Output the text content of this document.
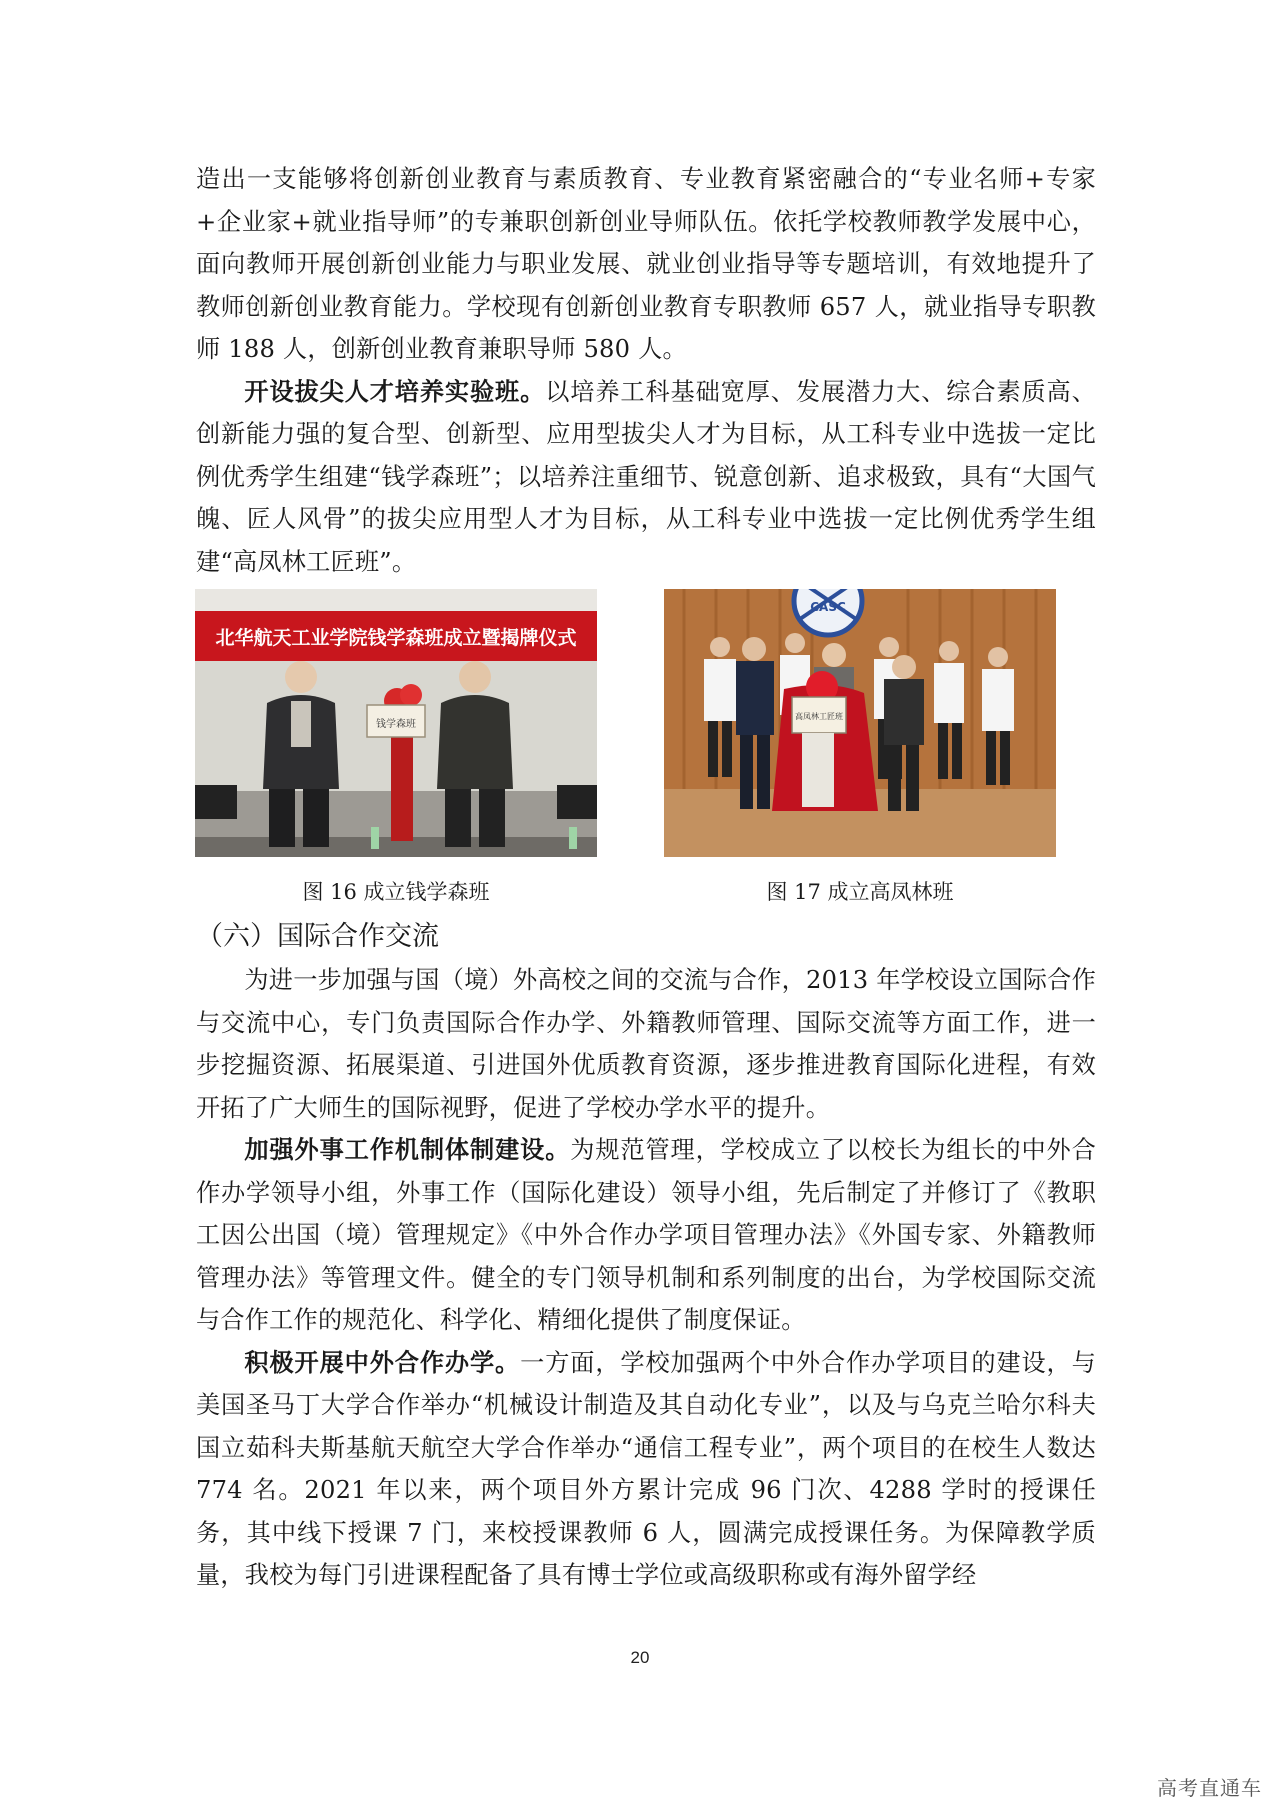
造出一支能够将创新创业教育与素质教育、专业教育紧密融合的“专业名师+专家+企业家+就业指导师”的专兼职创新创业导师队伍。依托学校教师教学发展中心，面向教师开展创新创业能力与职业发展、就业创业指导等专题培训，有效地提升了教师创新创业教育能力。学校现有创新创业教育专职教师 657 人，就业指导专职教师 188 人，创新创业教育兼职导师 580 人。

开设拔尖人才培养实验班。以培养工科基础宽厚、发展潜力大、综合素质高、创新能力强的复合型、创新型、应用型拔尖人才为目标，从工科专业中选拔一定比例优秀学生组建“钱学森班”；以培养注重细节、锐意创新、追求极致，具有“大国气魄、匠人风骨”的拔尖应用型人才为目标，从工科专业中选拔一定比例优秀学生组建“高凤林工匠班”。

北华航天工业学院钱学森班成立暨揭牌仪式
钱学森班
图 16 成立钱学森班
CASC
高凤林工匠班
图 17 成立高凤林班
（六）国际合作交流

为进一步加强与国（境）外高校之间的交流与合作，2013 年学校设立国际合作与交流中心，专门负责国际合作办学、外籍教师管理、国际交流等方面工作，进一步挖掘资源、拓展渠道、引进国外优质教育资源，逐步推进教育国际化进程，有效开拓了广大师生的国际视野，促进了学校办学水平的提升。

加强外事工作机制体制建设。为规范管理，学校成立了以校长为组长的中外合作办学领导小组，外事工作（国际化建设）领导小组，先后制定了并修订了《教职工因公出国（境）管理规定》《中外合作办学项目管理办法》《外国专家、外籍教师管理办法》等管理文件。健全的专门领导机制和系列制度的出台，为学校国际交流与合作工作的规范化、科学化、精细化提供了制度保证。

积极开展中外合作办学。一方面，学校加强两个中外合作办学项目的建设，与美国圣马丁大学合作举办“机械设计制造及其自动化专业”，以及与乌克兰哈尔科夫国立茹科夫斯基航天航空大学合作举办“通信工程专业”，两个项目的在校生人数达 774 名。2021 年以来，两个项目外方累计完成 96 门次、4288 学时的授课任务，其中线下授课 7 门，来校授课教师 6 人，圆满完成授课任务。为保障教学质量，我校为每门引进课程配备了具有博士学位或高级职称或有海外留学经

20
高考直通车
